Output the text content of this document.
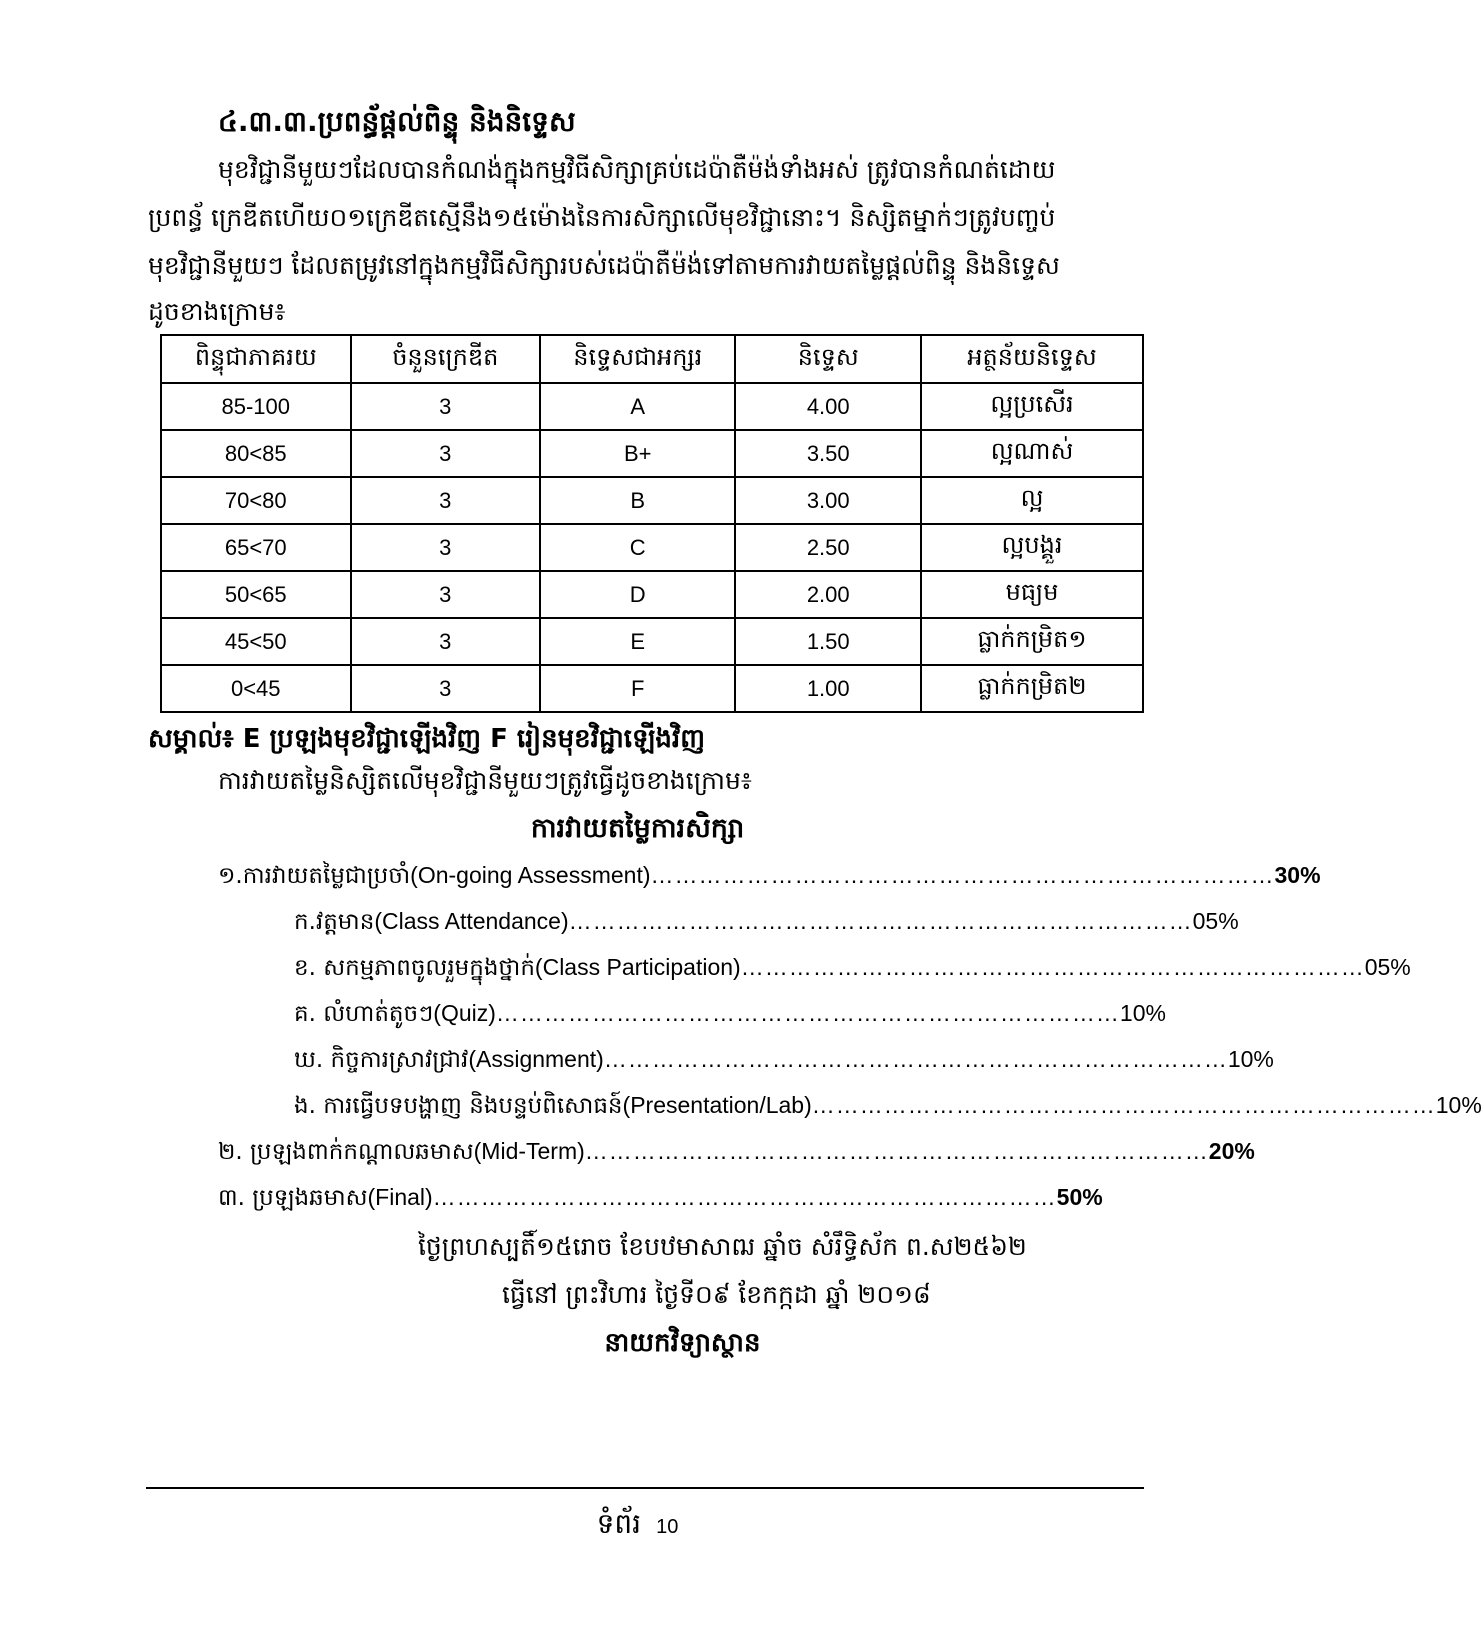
៤.៣.៣.ប្រពន្ធ័ផ្តល់ពិន្ទុ និងនិទ្ទេស
មុខវិជ្ជានីមួយៗដែលបានកំណង់ក្នុងកម្មវិធីសិក្សាគ្រប់ដេប៉ាតឺម៉ង់ទាំងអស់ ត្រូវបានកំណត់ដោយ
ប្រពន្ធ័ ក្រេឌីតហើយ០១ក្រេឌីតស្មើនឹង១៥ម៉ោងនៃការសិក្សាលើមុខវិជ្ជានោះ។ និស្សិតម្នាក់ៗត្រូវបញ្ចប់
មុខវិជ្ជានីមួយៗ ដែលតម្រូវនៅក្នុងកម្មវិធីសិក្សារបស់ដេប៉ាតឺម៉ង់ទៅតាមការវាយតម្លៃផ្តល់ពិន្ទុ និងនិទ្ទេស
ដូចខាងក្រោម៖
ពិន្ទុជាភាគរយ	ចំនួនក្រេឌីត	និទ្ទេសជាអក្សរ	និទ្ទេស	អត្ថន័យនិទ្ទេស
85-100	3	A	4.00	ល្អប្រសើរ
80<85	3	B+	3.50	ល្អណាស់
70<80	3	B	3.00	ល្អ
65<70	3	C	2.50	ល្អបង្គួរ
50<65	3	D	2.00	មធ្យម
45<50	3	E	1.50	ធ្លាក់កម្រិត១
0<45	3	F	1.00	ធ្លាក់កម្រិត២
សម្គាល់៖ E ប្រឡងមុខវិជ្ជាឡើងវិញ F រៀនមុខវិជ្ជាឡើងវិញ
ការវាយតម្លៃនិស្សិតលើមុខវិជ្ជានីមួយៗត្រូវធ្វើដូចខាងក្រោម៖
ការវាយតម្លៃការសិក្សា
១.ការវាយតម្លៃជាប្រចាំ (On-going Assessment) …………………………………………………………………… 30%
ក.វត្តមាន (Class Attendance) …………………………………………………………………… 05%
ខ. សកម្មភាពចូលរួមក្នុងថ្នាក់ (Class Participation) …………………………………………………………………… 05%
គ. លំហាត់តូចៗ (Quiz) …………………………………………………………………… 10%
ឃ. កិច្ចការស្រាវជ្រាវ (Assignment) …………………………………………………………………… 10%
ង. ការធ្វើបទបង្ហាញ និងបន្ទប់ពិសោធន៍ (Presentation/Lab) …………………………………………………………………… 10%
២. ប្រឡងពាក់កណ្តាលឆមាស (Mid-Term) …………………………………………………………………… 20%
៣. ប្រឡងឆមាស (Final) …………………………………………………………………… 50%
ថ្ងៃព្រហស្បតិ៍១៥រោច ខែបឋមាសាឍ ឆ្នាំច សំរឹទ្ធិស័ក ព.ស២៥៦២
ធ្វើនៅ ព្រះវិហារ ថ្ងៃទី០៩ ខែកក្កដា ឆ្នាំ ២០១៨
នាយកវិទ្យាស្ថាន
ទំព័រ 10
